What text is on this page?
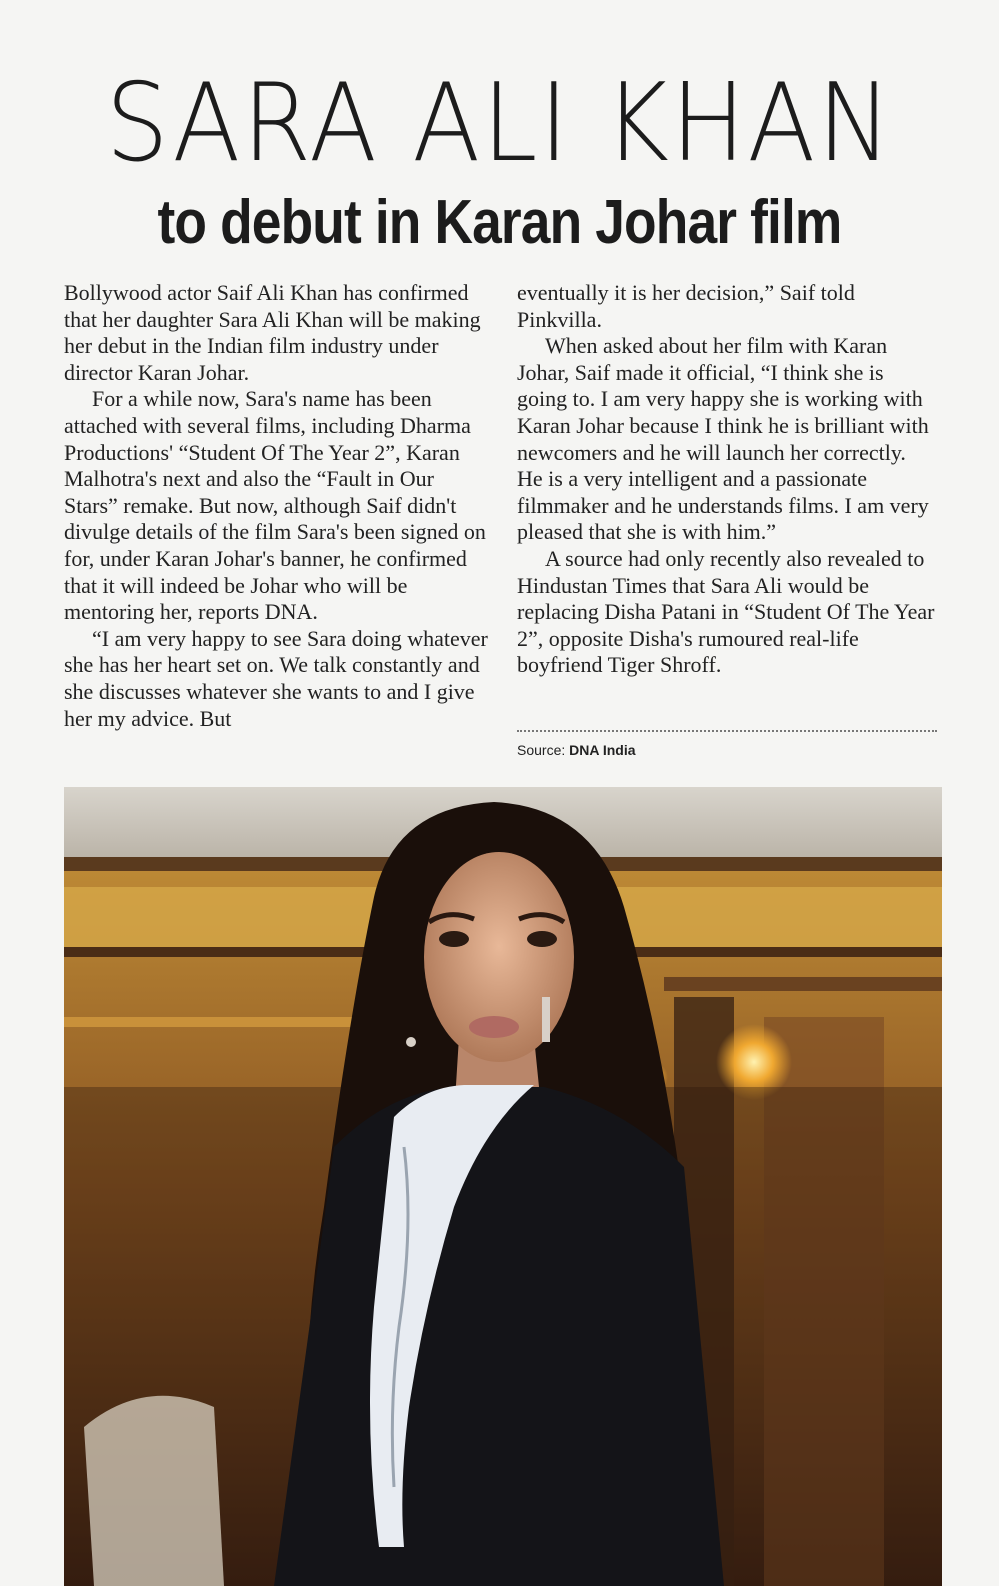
SARA ALI KHAN
to debut in Karan Johar film

Bollywood actor Saif Ali Khan has confirmed that her daughter Sara Ali Khan will be making her debut in the Indian film industry under director Karan Johar.

For a while now, Sara's name has been attached with several films, including Dharma Productions' “Student Of The Year 2”, Karan Malhotra's next and also the “Fault in Our Stars” remake. But now, although Saif didn't divulge details of the film Sara's been signed on for, under Karan Johar's banner, he confirmed that it will indeed be Johar who will be mentoring her, reports DNA.

“I am very happy to see Sara doing whatever she has her heart set on. We talk constantly and she discusses whatever she wants to and I give her my advice. But

eventually it is her decision,” Saif told Pinkvilla.

When asked about her film with Karan Johar, Saif made it official, “I think she is going to. I am very happy she is working with Karan Johar because I think he is brilliant with newcomers and he will launch her correctly. He is a very intelligent and a passionate filmmaker and he understands films. I am very pleased that she is with him.”

A source had only recently also revealed to Hindustan Times that Sara Ali would be replacing Disha Patani in “Student Of The Year 2”, opposite Disha's rumoured real-life boyfriend Tiger Shroff.

Source: DNA India
